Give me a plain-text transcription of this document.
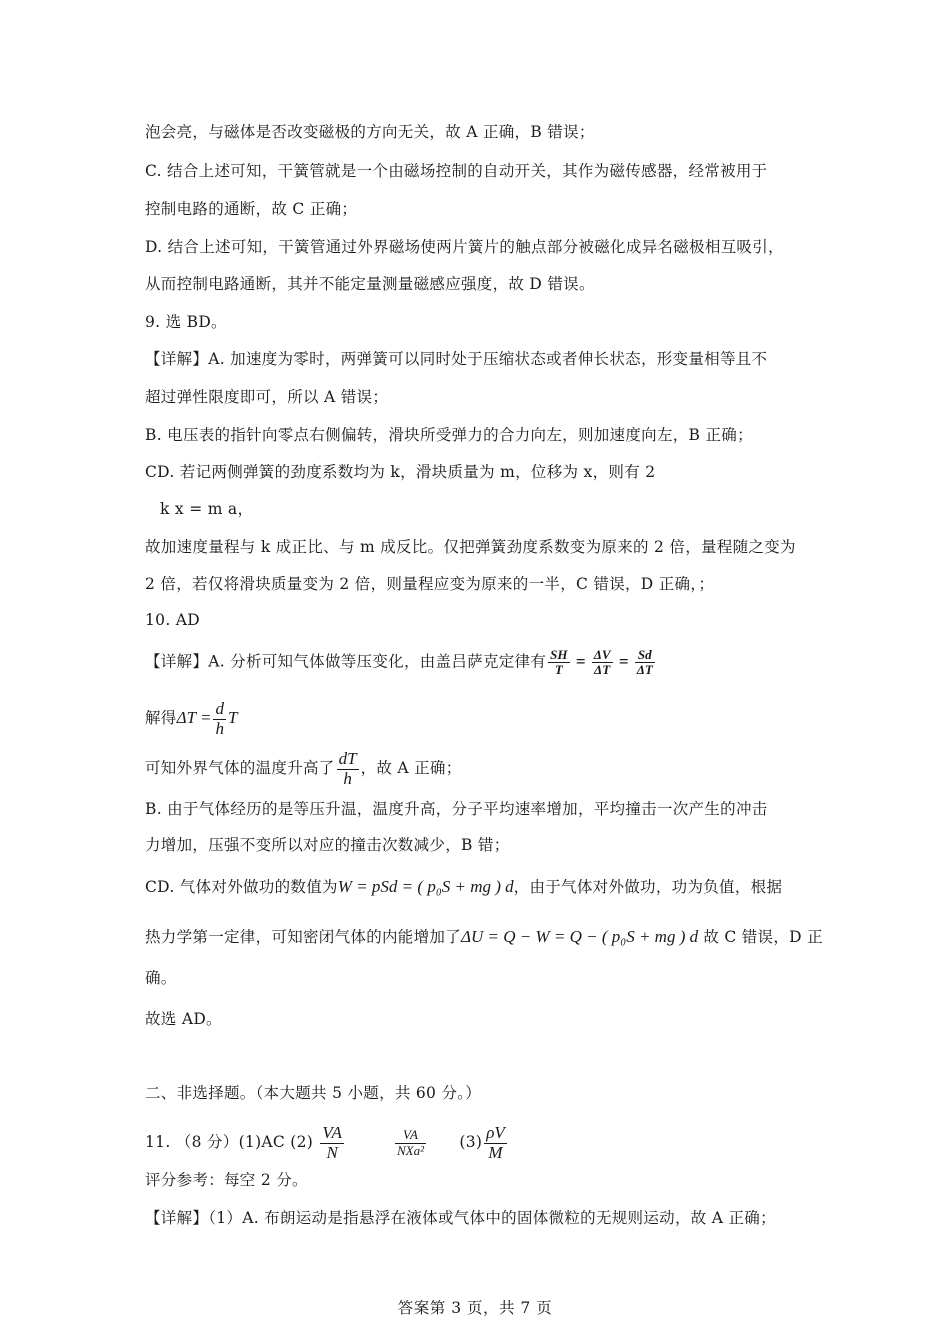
泡会亮，与磁体是否改变磁极的方向无关，故 A 正确，B 错误；
C. 结合上述可知，干簧管就是一个由磁场控制的自动开关，其作为磁传感器，经常被用于
控制电路的通断，故 C 正确；
D. 结合上述可知，干簧管通过外界磁场使两片簧片的触点部分被磁化成异名磁极相互吸引，
从而控制电路通断，其并不能定量测量磁感应强度，故 D 错误。
9. 选 BD。
【详解】A. 加速度为零时，两弹簧可以同时处于压缩状态或者伸长状态，形变量相等且不
超过弹性限度即可，所以 A 错误；
B. 电压表的指针向零点右侧偏转，滑块所受弹力的合力向左，则加速度向左，B 正确；
CD. 若记两侧弹簧的劲度系数均为 k，滑块质量为 m，位移为 x，则有 2
k x = m a，
故加速度量程与 k 成正比、与 m 成反比。仅把弹簧劲度系数变为原来的 2 倍，量程随之变为
2 倍，若仅将滑块质量变为 2 倍，则量程应变为原来的一半，C 错误，D 正确，；
10. AD
【详解】A. 分析可知气体做等压变化，由盖吕萨克定律有 $\frac{SH}{T} = \frac{\Delta V}{\Delta T} = \frac{Sd}{\Delta T}$
解得$\Delta T = \frac{d}{h}$ T
可知外界气体的温度升高了 $\frac{dT}{h}$ ，故 A 正确；
B. 由于气体经历的是等压升温，温度升高，分子平均速率增加，平均撞击一次产生的冲击
力增加，压强不变所以对应的撞击次数减少，B 错；
CD. 气体对外做功的数值为W = pSd = ( p₀S + mg ) d，由于气体对外做功，功为负值，根据
热力学第一定律，可知密闭气体的内能增加了ΔU = Q − W = Q − ( p₀S + mg ) d 故 C 错误，D 正
确。
故选 AD。
二、非选择题。（本大题共 5 小题，共 60 分。）
11. （8 分）(1)AC $(2) \frac{VA}{N}$
	$\frac{VA}{\text{NXa²}} (3) \frac{\rho V}{M}$
评分参考：每空 2 分。
【详解】（1）A. 布朗运动是指悬浮在液体或气体中的固体微粒的无规则运动，故 A 正确；
答案第 3 页，共 7 页
